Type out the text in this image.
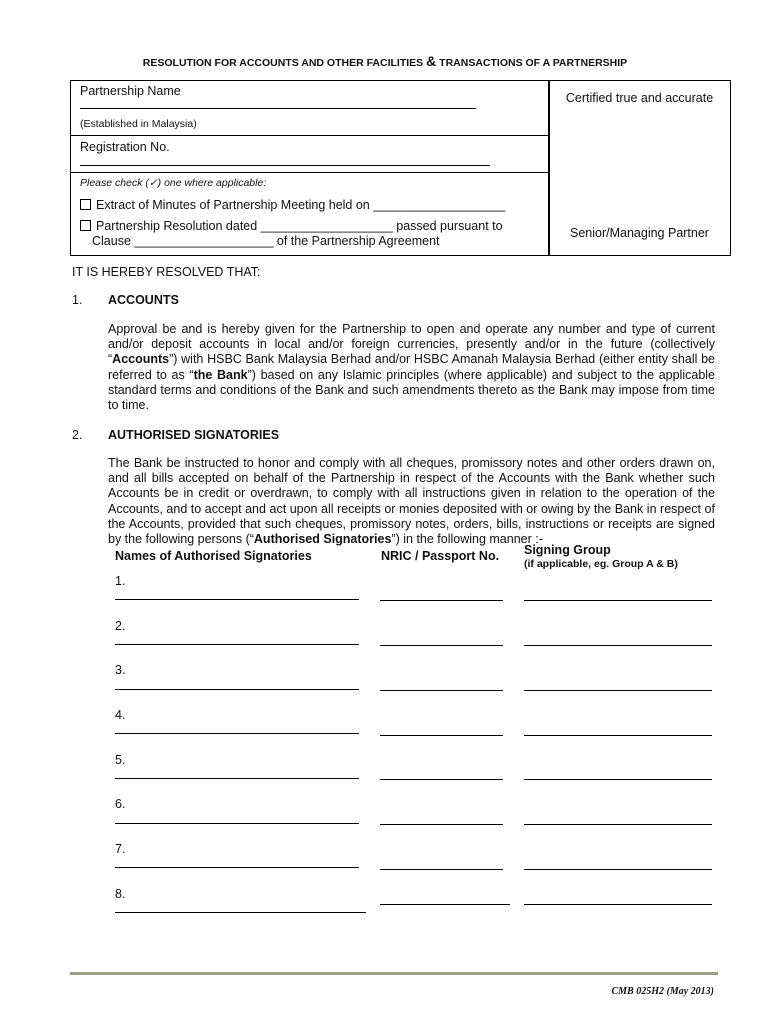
RESOLUTION FOR ACCOUNTS AND OTHER FACILITIES & TRANSACTIONS OF A PARTNERSHIP
Partnership Name
(Established in Malaysia)
Registration No.
Please check (✓) one where applicable:
Extract of Minutes of Partnership Meeting held on ___________________
Partnership Resolution dated ___________________ passed pursuant to
Clause ____________________ of the Partnership Agreement
Certified true and accurate
Senior/Managing Partner
IT IS HEREBY RESOLVED THAT:
1. ACCOUNTS
Approval be and is hereby given for the Partnership to open and operate any number and type of current and/or deposit accounts in local and/or foreign currencies, presently and/or in the future (collectively “Accounts”) with HSBC Bank Malaysia Berhad and/or HSBC Amanah Malaysia Berhad (either entity shall be referred to as “the Bank”) based on any Islamic principles (where applicable) and subject to the applicable standard terms and conditions of the Bank and such amendments thereto as the Bank may impose from time to time.
2. AUTHORISED SIGNATORIES
The Bank be instructed to honor and comply with all cheques, promissory notes and other orders drawn on, and all bills accepted on behalf of the Partnership in respect of the Accounts with the Bank whether such Accounts be in credit or overdrawn, to comply with all instructions given in relation to the operation of the Accounts, and to accept and act upon all receipts or monies deposited with or owing by the Bank in respect of the Accounts, provided that such cheques, promissory notes, orders, bills, instructions or receipts are signed by the following persons (“Authorised Signatories”) in the following manner :-
Names of Authorised Signatories	NRIC / Passport No. Signing Group
(if applicable, eg. Group A & B)
1.
2.
3.
4.
5.
6.
7.
8.
CMB 025H2 (May 2013)
